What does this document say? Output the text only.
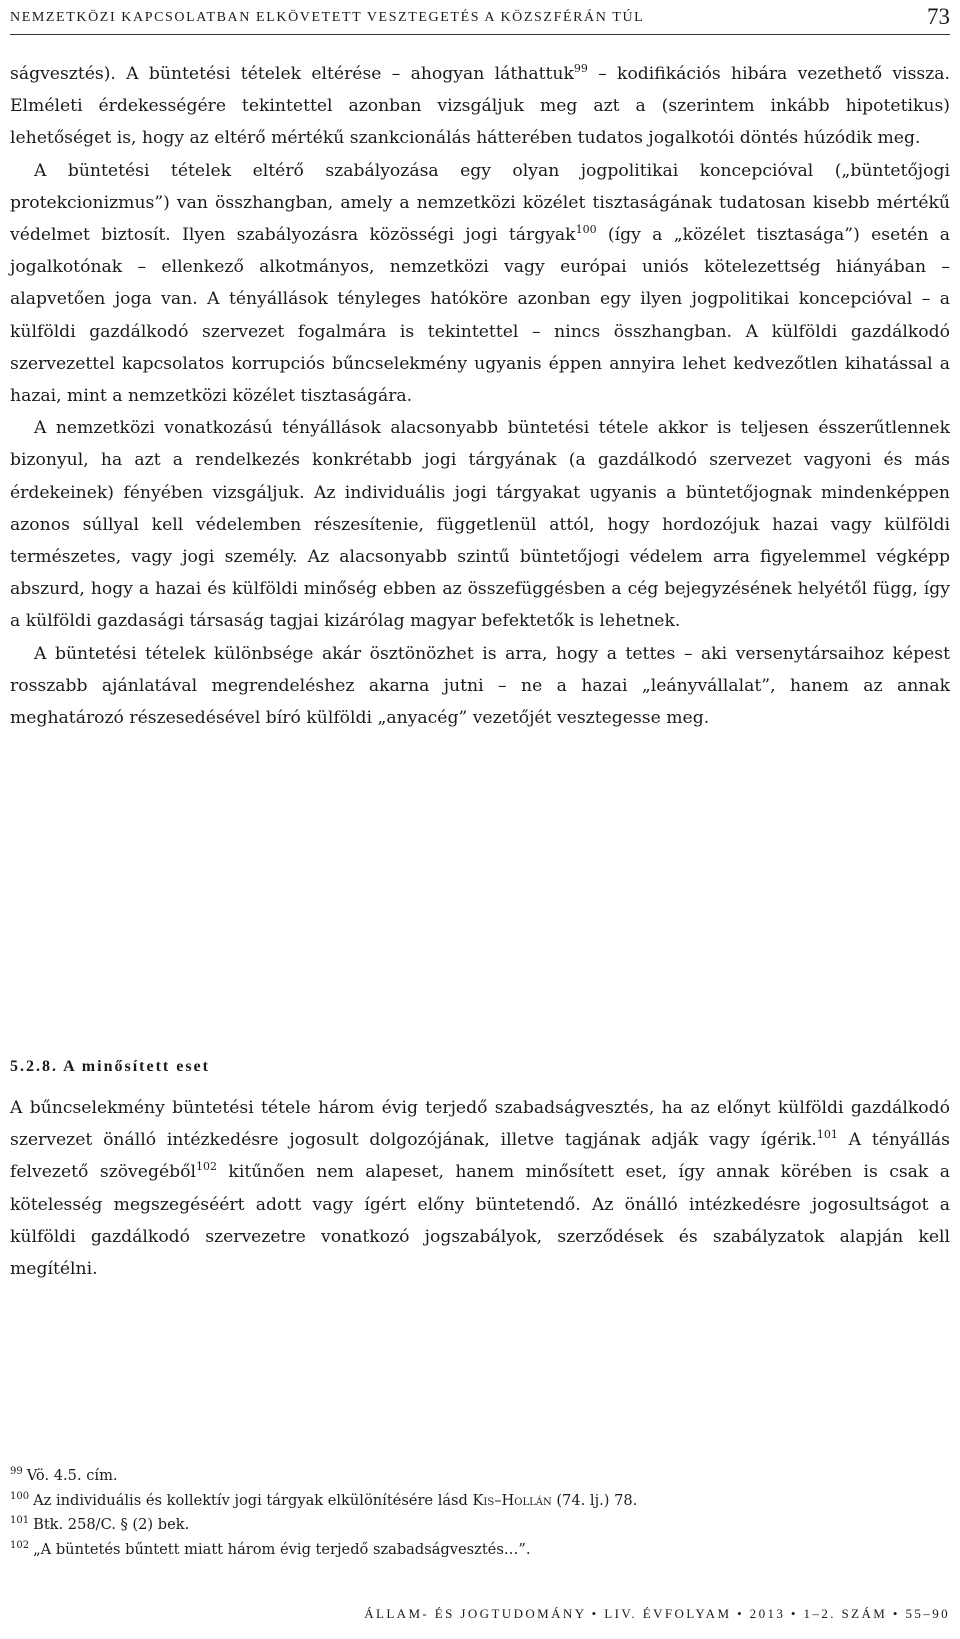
NEMZETKÖZI KAPCSOLATBAN ELKÖVETETT VESZTEGETÉS A KÖZSZFÉRÁN TÚL	73

ságvesztés). A büntetési tételek eltérése – ahogyan láthattuk$^{99}$ – kodifikációs hibára vezethető vissza. Elméleti érdekességére tekintettel azonban vizsgáljuk meg azt a (szerintem inkább hipotetikus) lehetőséget is, hogy az eltérő mértékű szankcionálás hátterében tudatos jogalkotói döntés húzódik meg.

A büntetési tételek eltérő szabályozása egy olyan jogpolitikai koncepcióval („büntetőjogi protekcionizmus”) van összhangban, amely a nemzetközi közélet tisztaságának tudatosan kisebb mértékű védelmet biztosít. Ilyen szabályozásra közösségi jogi tárgyak$^{100}$ (így a „közélet tisztasága”) esetén a jogalkotónak – ellenkező alkotmányos, nemzetközi vagy európai uniós kötelezettség hiányában – alapvetően joga van. A tényállások tényleges hatóköre azonban egy ilyen jogpolitikai koncepcióval – a külföldi gazdálkodó szervezet fogalmára is tekintettel – nincs összhangban. A külföldi gazdálkodó szervezettel kapcsolatos korrupciós bűncselekmény ugyanis éppen annyira lehet kedvezőtlen kihatással a hazai, mint a nemzetközi közélet tisztaságára.

A nemzetközi vonatkozású tényállások alacsonyabb büntetési tétele akkor is teljesen ésszerűtlennek bizonyul, ha azt a rendelkezés konkrétabb jogi tárgyának (a gazdálkodó szervezet vagyoni és más érdekeinek) fényében vizsgáljuk. Az individuális jogi tárgyakat ugyanis a büntetőjognak mindenképpen azonos súllyal kell védelemben részesítenie, függetlenül attól, hogy hordozójuk hazai vagy külföldi természetes, vagy jogi személy. Az alacsonyabb szintű büntetőjogi védelem arra figyelemmel végképp abszurd, hogy a hazai és külföldi minőség ebben az összefüggésben a cég bejegyzésének helyétől függ, így a külföldi gazdasági társaság tagjai kizárólag magyar befektetők is lehetnek.

A büntetési tételek különbsége akár ösztönözhet is arra, hogy a tettes – aki versenytársaihoz képest rosszabb ajánlatával megrendeléshez akarna jutni – ne a hazai „leányvállalat”, hanem az annak meghatározó részesedésével bíró külföldi „anyacég” vezetőjét vesztegesse meg.

5.2.8. A minősített eset

A bűncselekmény büntetési tétele három évig terjedő szabadságvesztés, ha az előnyt külföldi gazdálkodó szervezet önálló intézkedésre jogosult dolgozójának, illetve tagjának adják vagy ígérik.$^{101}$ A tényállás felvezető szövegéből$^{102}$ kitűnően nem alapeset, hanem minősített eset, így annak körében is csak a kötelesség megszegéséért adott vagy ígért előny büntetendő. Az önálló intézkedésre jogosultságot a külföldi gazdálkodó szervezetre vonatkozó jogszabályok, szerződések és szabályzatok alapján kell megítélni.

$^{99}$ Vö. 4.5. cím.
$^{100}$ Az individuális és kollektív jogi tárgyak elkülönítésére lásd Kis–Hollán (74. lj.) 78.
$^{101}$ Btk. 258/C. § (2) bek.
$^{102}$ „A büntetés bűntett miatt három évig terjedő szabadságvesztés…”.
ÁLLAM- ÉS JOGTUDOMÁNY • LIV. ÉVFOLYAM • 2013 • 1–2. SZÁM • 55–90
